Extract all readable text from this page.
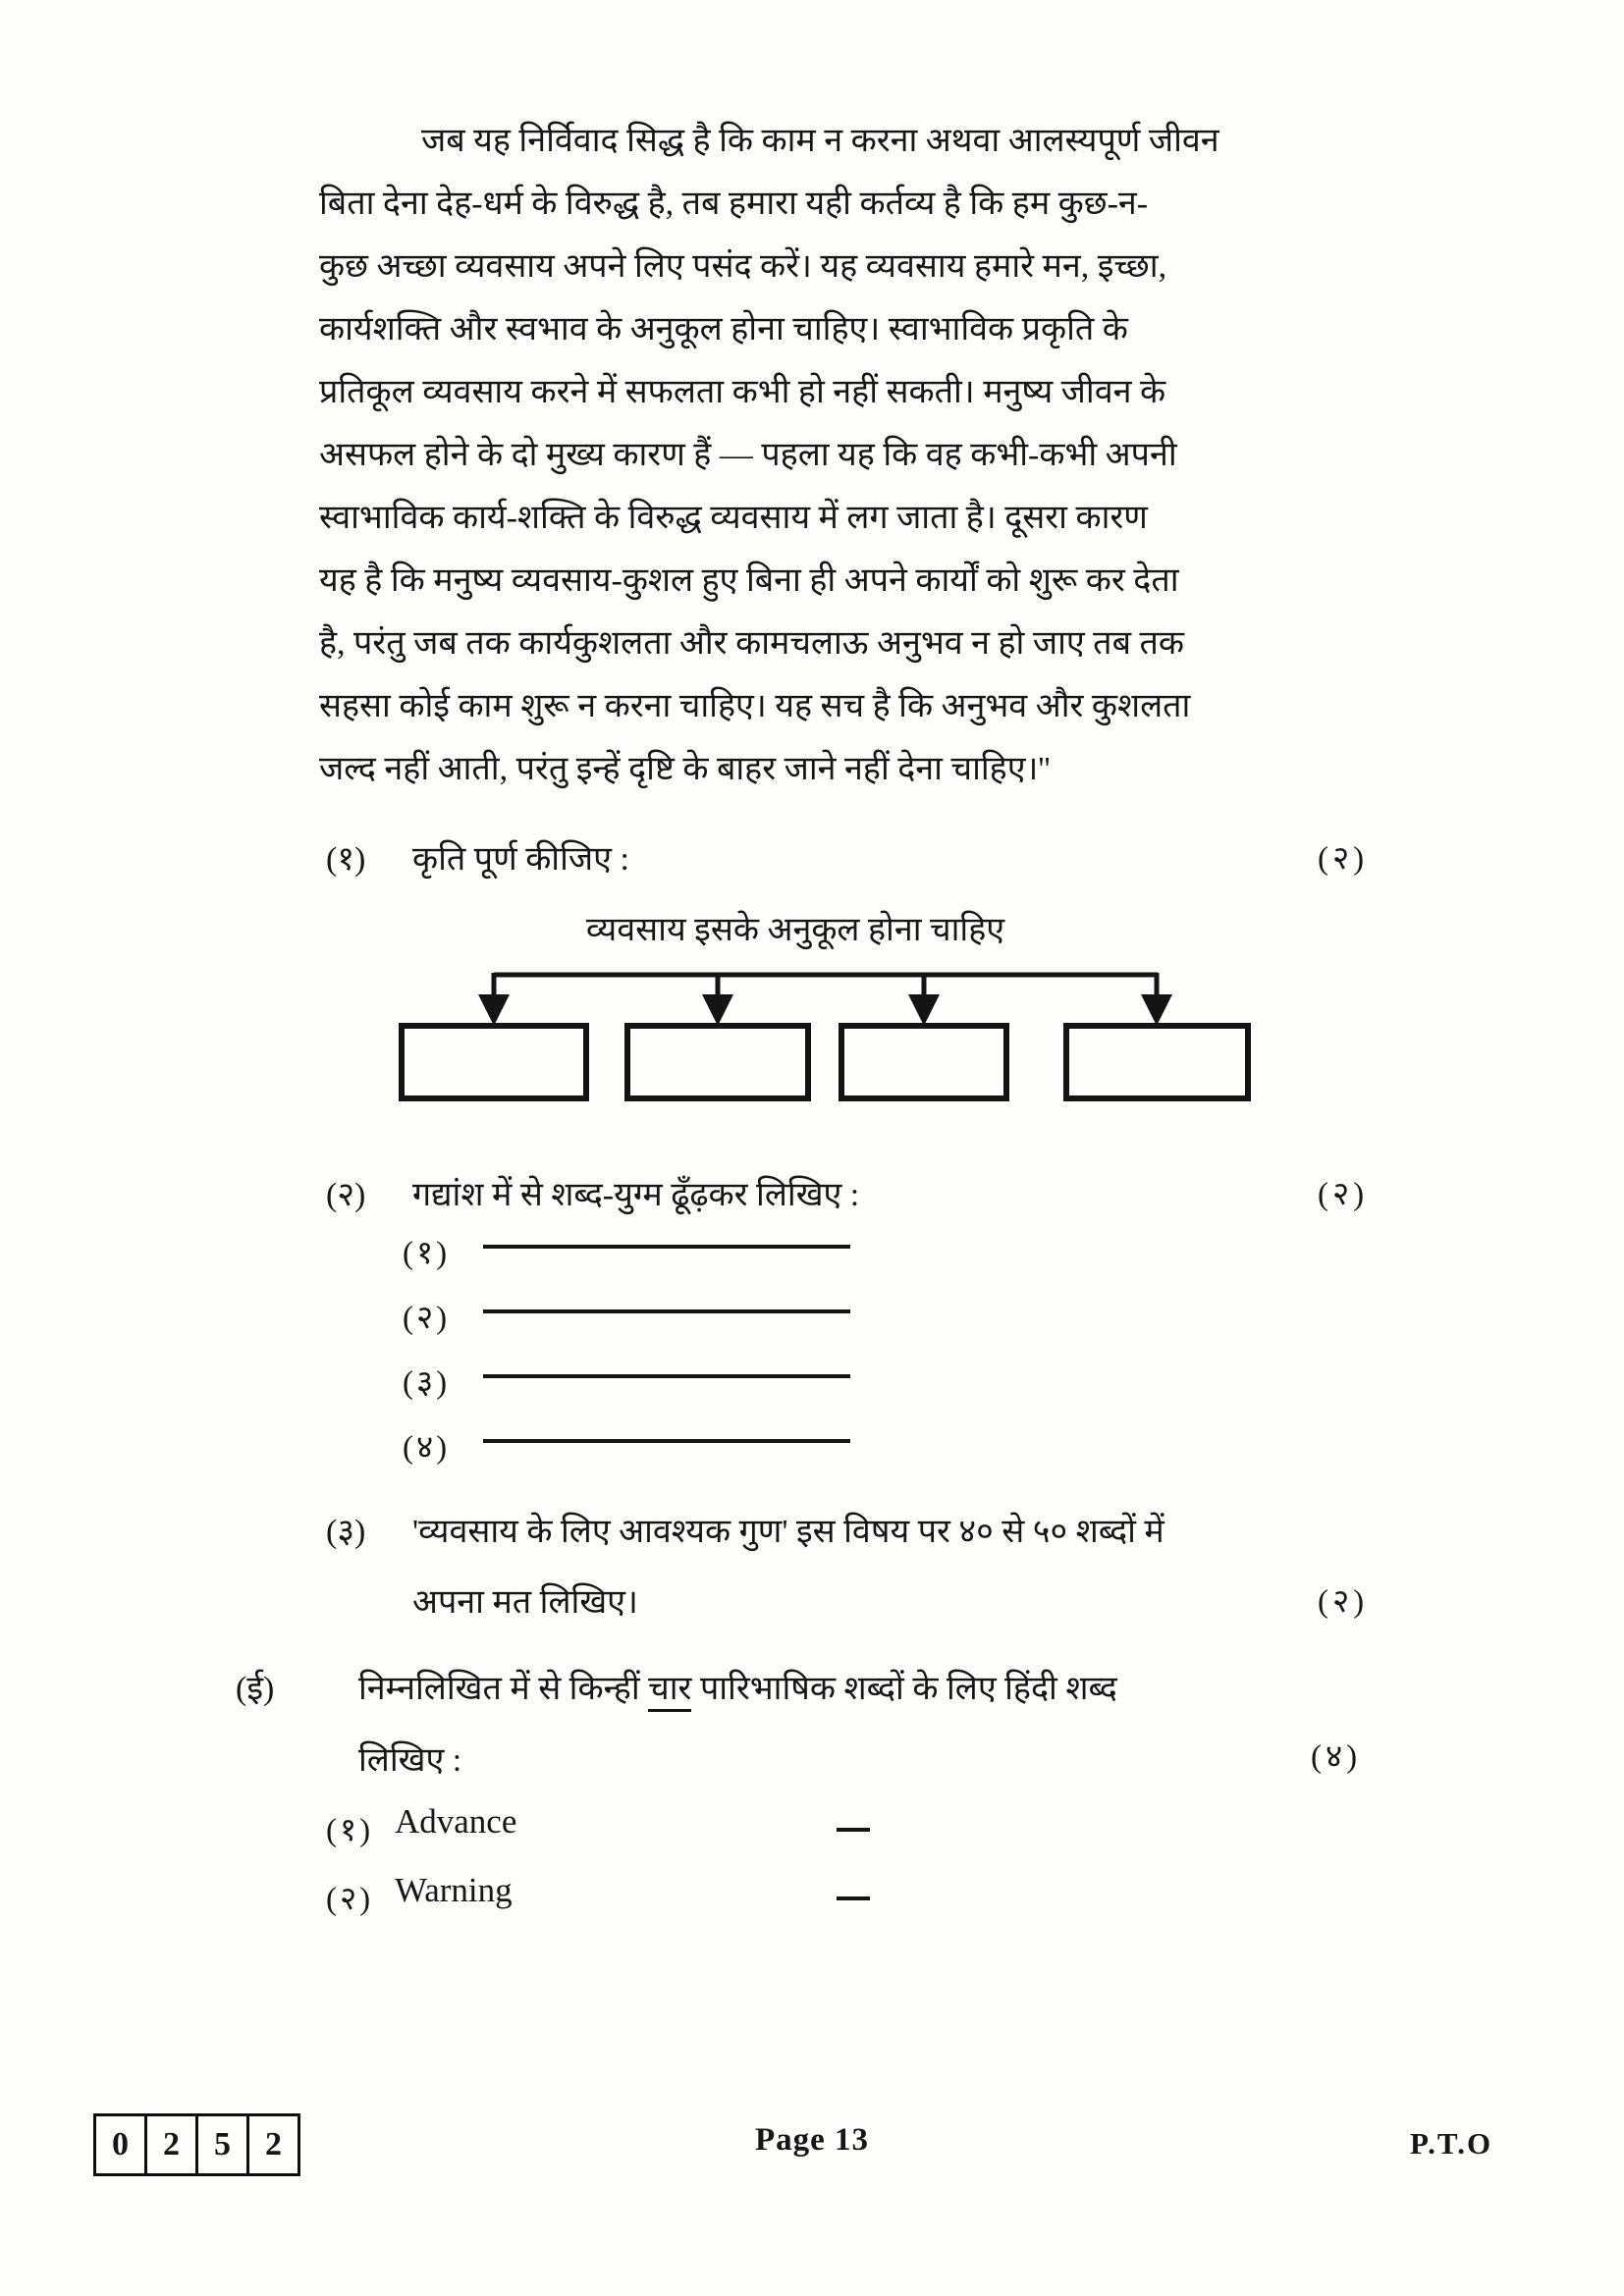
जब यह निर्विवाद सिद्ध है कि काम न करना अथवा आलस्यपूर्ण जीवन
बिता देना देह-धर्म के विरुद्ध है, तब हमारा यही कर्तव्य है कि हम कुछ-न-
कुछ अच्छा व्यवसाय अपने लिए पसंद करें। यह व्यवसाय हमारे मन, इच्छा,
कार्यशक्ति और स्वभाव के अनुकूल होना चाहिए। स्वाभाविक प्रकृति के
प्रतिकूल व्यवसाय करने में सफलता कभी हो नहीं सकती। मनुष्य जीवन के
असफल होने के दो मुख्य कारण हैं — पहला यह कि वह कभी-कभी अपनी
स्वाभाविक कार्य-शक्ति के विरुद्ध व्यवसाय में लग जाता है। दूसरा कारण
यह है कि मनुष्य व्यवसाय-कुशल हुए बिना ही अपने कार्यों को शुरू कर देता
है, परंतु जब तक कार्यकुशलता और कामचलाऊ अनुभव न हो जाए तब तक
सहसा कोई काम शुरू न करना चाहिए। यह सच है कि अनुभव और कुशलता
जल्द नहीं आती, परंतु इन्हें दृष्टि के बाहर जाने नहीं देना चाहिए।''
(१) कृति पूर्ण कीजिए :	(२)
व्यवसाय इसके अनुकूल होना चाहिए
(२) गद्यांश में से शब्द-युग्म ढूँढ़कर लिखिए :	(२)
(१)
(२)
(३)
(४)
(३) 'व्यवसाय के लिए आवश्यक गुण' इस विषय पर ४० से ५० शब्दों में
अपना मत लिखिए।	(२)
(ई)	निम्नलिखित में से किन्हीं चार पारिभाषिक शब्दों के लिए हिंदी शब्द
लिखिए :	(४)
(१) Advance
(२) Warning
0	2	5	2	Page 13	P.T.O
